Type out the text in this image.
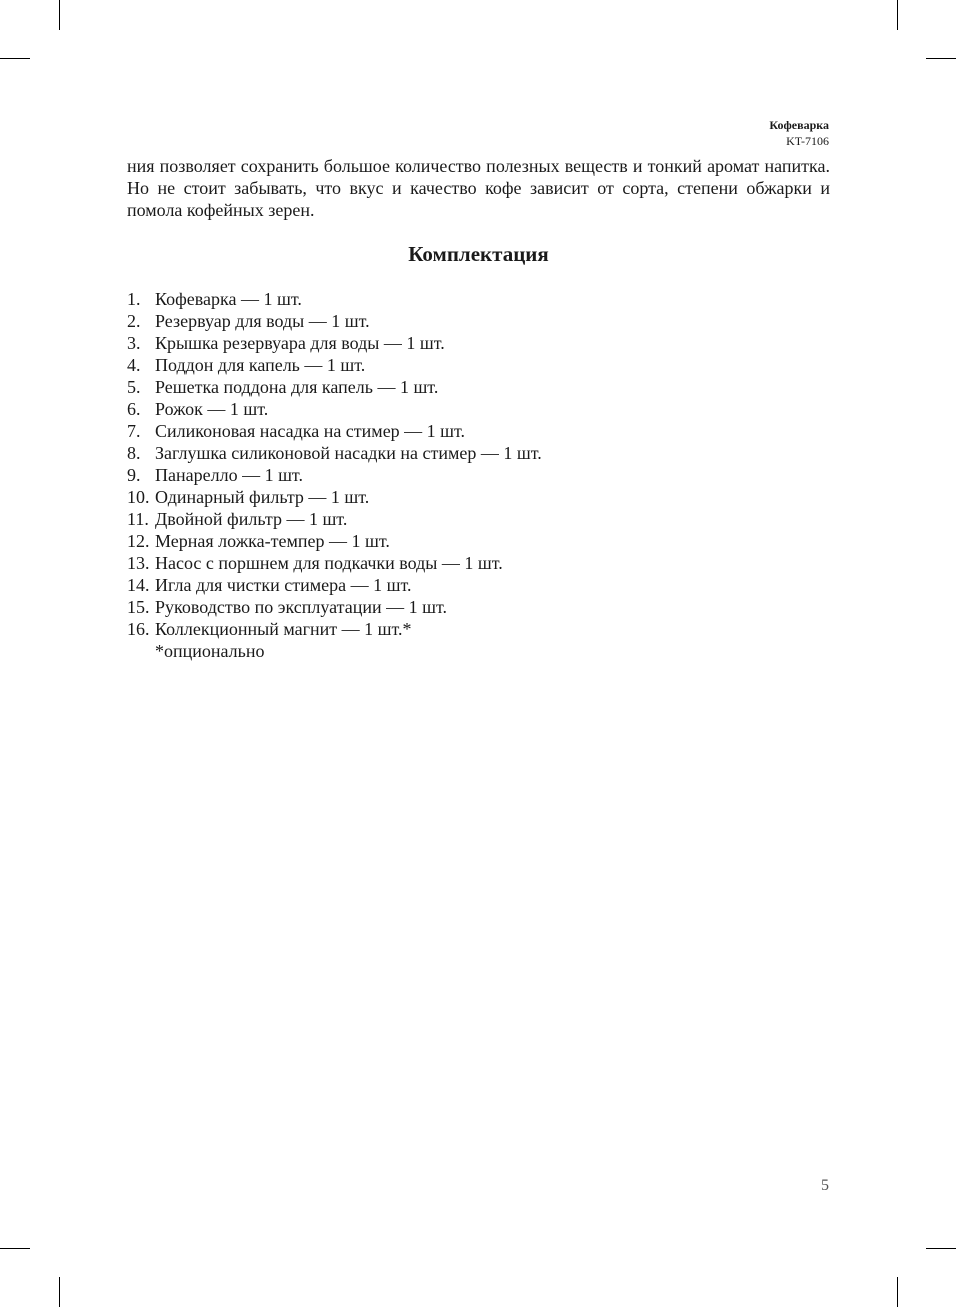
Кофеварка
KT-7106

ния позволяет сохранить большое количество полезных веществ и тонкий аромат напитка. Но не стоит забывать, что вкус и качество кофе зависит от сорта, степени обжарки и помола кофейных зерен.

Комплектация
1. Кофеварка — 1 шт.
2. Резервуар для воды — 1 шт.
3. Крышка резервуара для воды — 1 шт.
4. Поддон для капель — 1 шт.
5. Решетка поддона для капель — 1 шт.
6. Рожок — 1 шт.
7. Силиконовая насадка на стимер — 1 шт.
8. Заглушка силиконовой насадки на стимер — 1 шт.
9. Панарелло — 1 шт.
10. Одинарный фильтр — 1 шт.
11. Двойной фильтр — 1 шт.
12. Мерная ложка-темпер — 1 шт.
13. Насос с поршнем для подкачки воды — 1 шт.
14. Игла для чистки стимера — 1 шт.
15. Руководство по эксплуатации — 1 шт.
16. Коллекционный магнит — 1 шт.*

*опционально

5
